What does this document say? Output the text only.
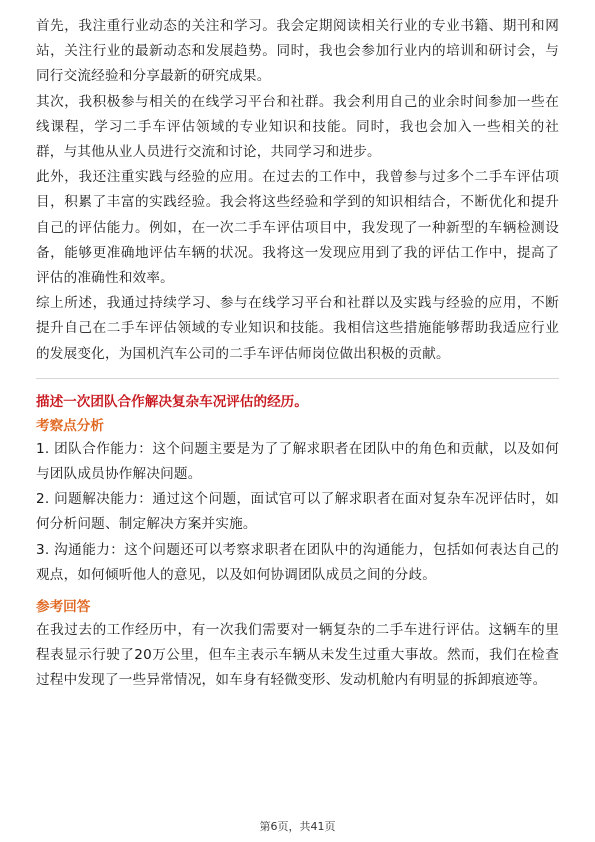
首先，我注重行业动态的关注和学习。我会定期阅读相关行业的专业书籍、期刊和网站，关注行业的最新动态和发展趋势。同时，我也会参加行业内的培训和研讨会，与同行交流经验和分享最新的研究成果。

其次，我积极参与相关的在线学习平台和社群。我会利用自己的业余时间参加一些在线课程，学习二手车评估领域的专业知识和技能。同时，我也会加入一些相关的社群，与其他从业人员进行交流和讨论，共同学习和进步。

此外，我还注重实践与经验的应用。在过去的工作中，我曾参与过多个二手车评估项目，积累了丰富的实践经验。我会将这些经验和学到的知识相结合，不断优化和提升自己的评估能力。例如，在一次二手车评估项目中，我发现了一种新型的车辆检测设备，能够更准确地评估车辆的状况。我将这一发现应用到了我的评估工作中，提高了评估的准确性和效率。

综上所述，我通过持续学习、参与在线学习平台和社群以及实践与经验的应用，不断提升自己在二手车评估领域的专业知识和技能。我相信这些措施能够帮助我适应行业的发展变化，为国机汽车公司的二手车评估师岗位做出积极的贡献。

描述一次团队合作解决复杂车况评估的经历。

考察点分析

1. 团队合作能力：这个问题主要是为了了解求职者在团队中的角色和贡献，以及如何与团队成员协作解决问题。
2. 问题解决能力：通过这个问题，面试官可以了解求职者在面对复杂车况评估时，如何分析问题、制定解决方案并实施。
3. 沟通能力：这个问题还可以考察求职者在团队中的沟通能力，包括如何表达自己的观点，如何倾听他人的意见，以及如何协调团队成员之间的分歧。

参考回答

在我过去的工作经历中，有一次我们需要对一辆复杂的二手车进行评估。这辆车的里程表显示行驶了20万公里，但车主表示车辆从未发生过重大事故。然而，我们在检查过程中发现了一些异常情况，如车身有轻微变形、发动机舱内有明显的拆卸痕迹等。

第6页，共41页
